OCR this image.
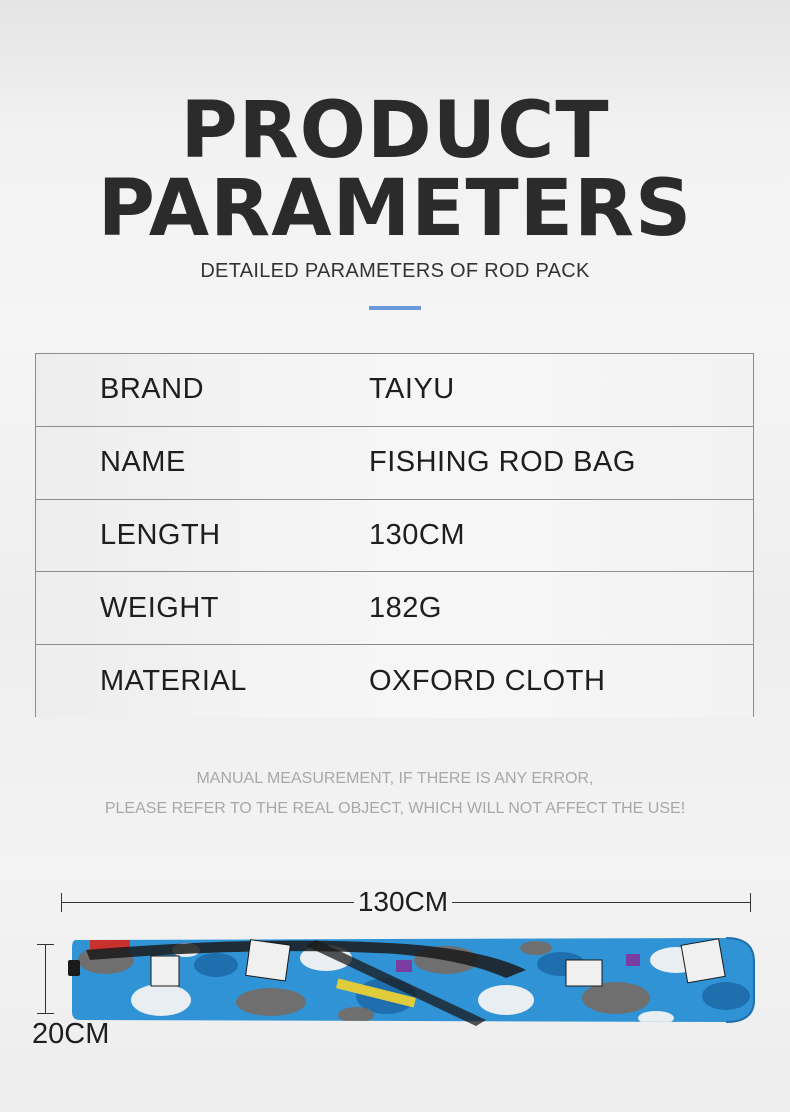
PRODUCT
PARAMETERS
DETAILED PARAMETERS OF ROD PACK
BRAND	TAIYU
NAME	FISHING ROD BAG
LENGTH	130CM
WEIGHT	182G
MATERIAL	OXFORD CLOTH
MANUAL MEASUREMENT, IF THERE IS ANY ERROR,
PLEASE REFER TO THE REAL OBJECT, WHICH WILL NOT AFFECT THE USE!
130CM
20CM
